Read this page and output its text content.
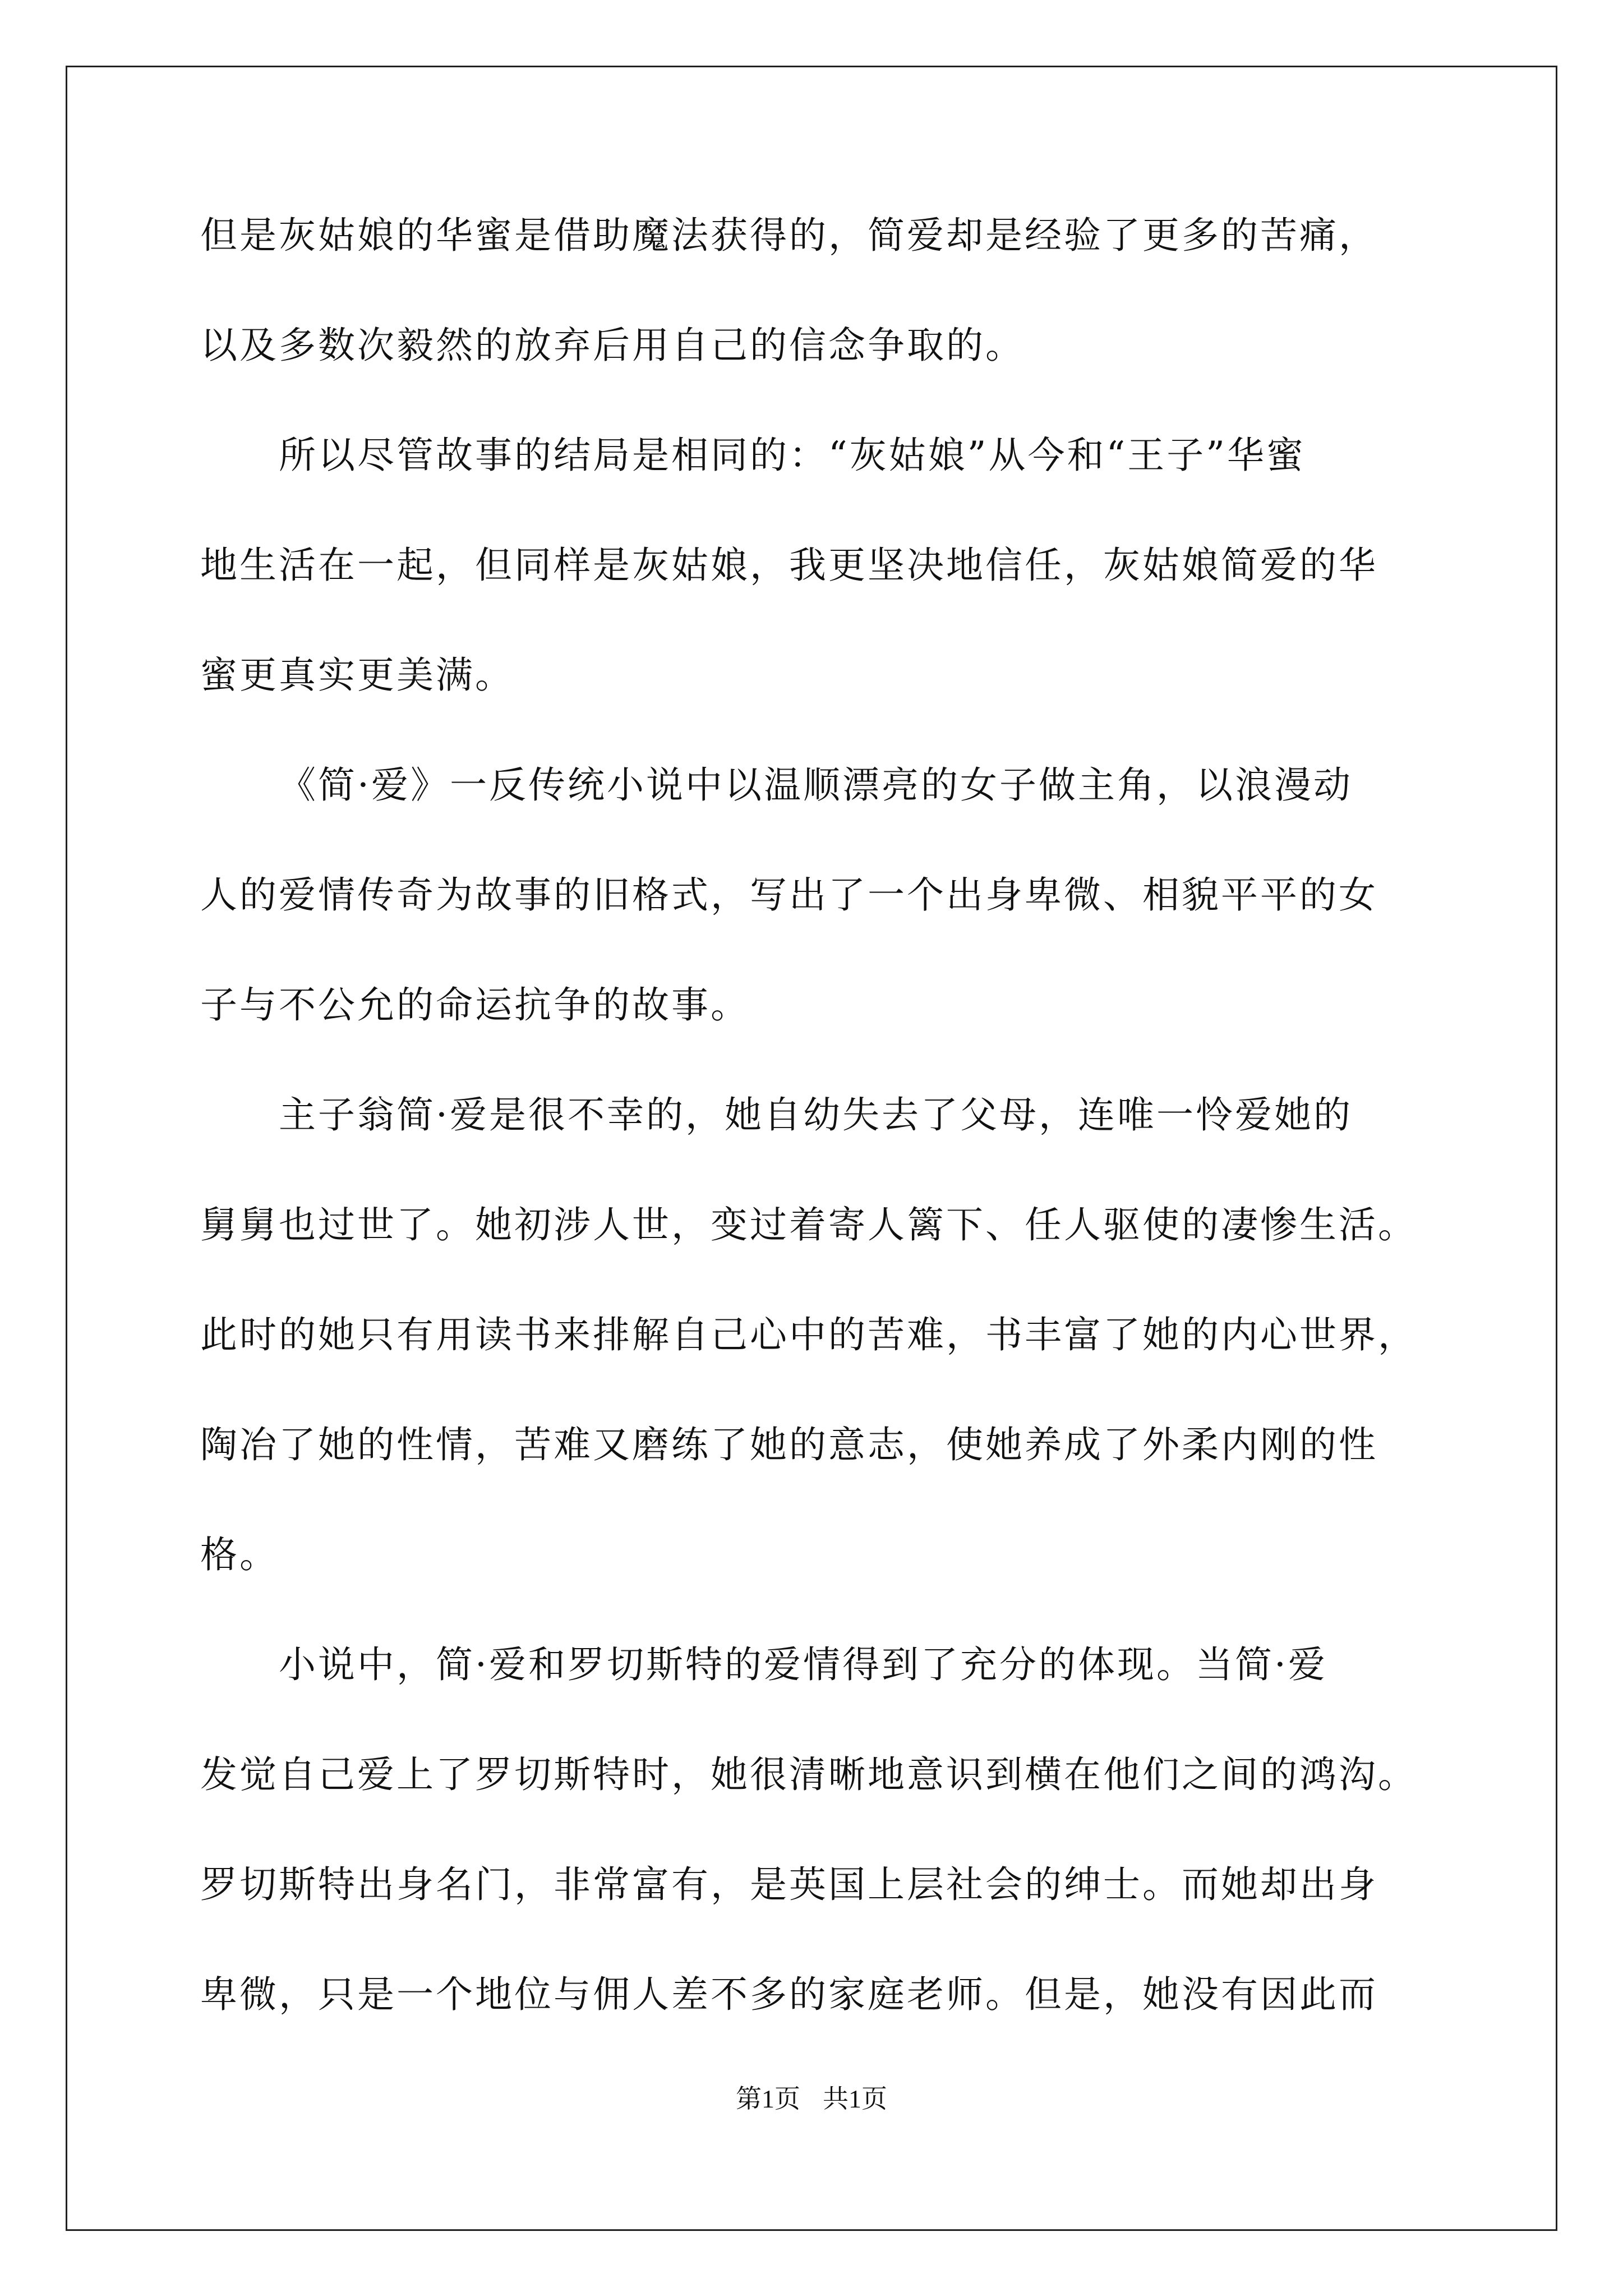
但是灰姑娘的华蜜是借助魔法获得的，简爱却是经验了更多的苦痛，
以及多数次毅然的放弃后用自己的信念争取的。
所以尽管故事的结局是相同的：“灰姑娘”从今和“王子”华蜜
地生活在一起，但同样是灰姑娘，我更坚决地信任，灰姑娘简爱的华
蜜更真实更美满。
《简·爱》一反传统小说中以温顺漂亮的女子做主角，以浪漫动
人的爱情传奇为故事的旧格式，写出了一个出身卑微、相貌平平的女
子与不公允的命运抗争的故事。
主子翁简·爱是很不幸的，她自幼失去了父母，连唯一怜爱她的
舅舅也过世了。她初涉人世，变过着寄人篱下、任人驱使的凄惨生活。
此时的她只有用读书来排解自己心中的苦难，书丰富了她的内心世界，
陶冶了她的性情，苦难又磨练了她的意志，使她养成了外柔内刚的性
格。
小说中，简·爱和罗切斯特的爱情得到了充分的体现。当简·爱
发觉自己爱上了罗切斯特时，她很清晰地意识到横在他们之间的鸿沟。
罗切斯特出身名门，非常富有，是英国上层社会的绅士。而她却出身
卑微，只是一个地位与佣人差不多的家庭老师。但是，她没有因此而
第1页 共1页
